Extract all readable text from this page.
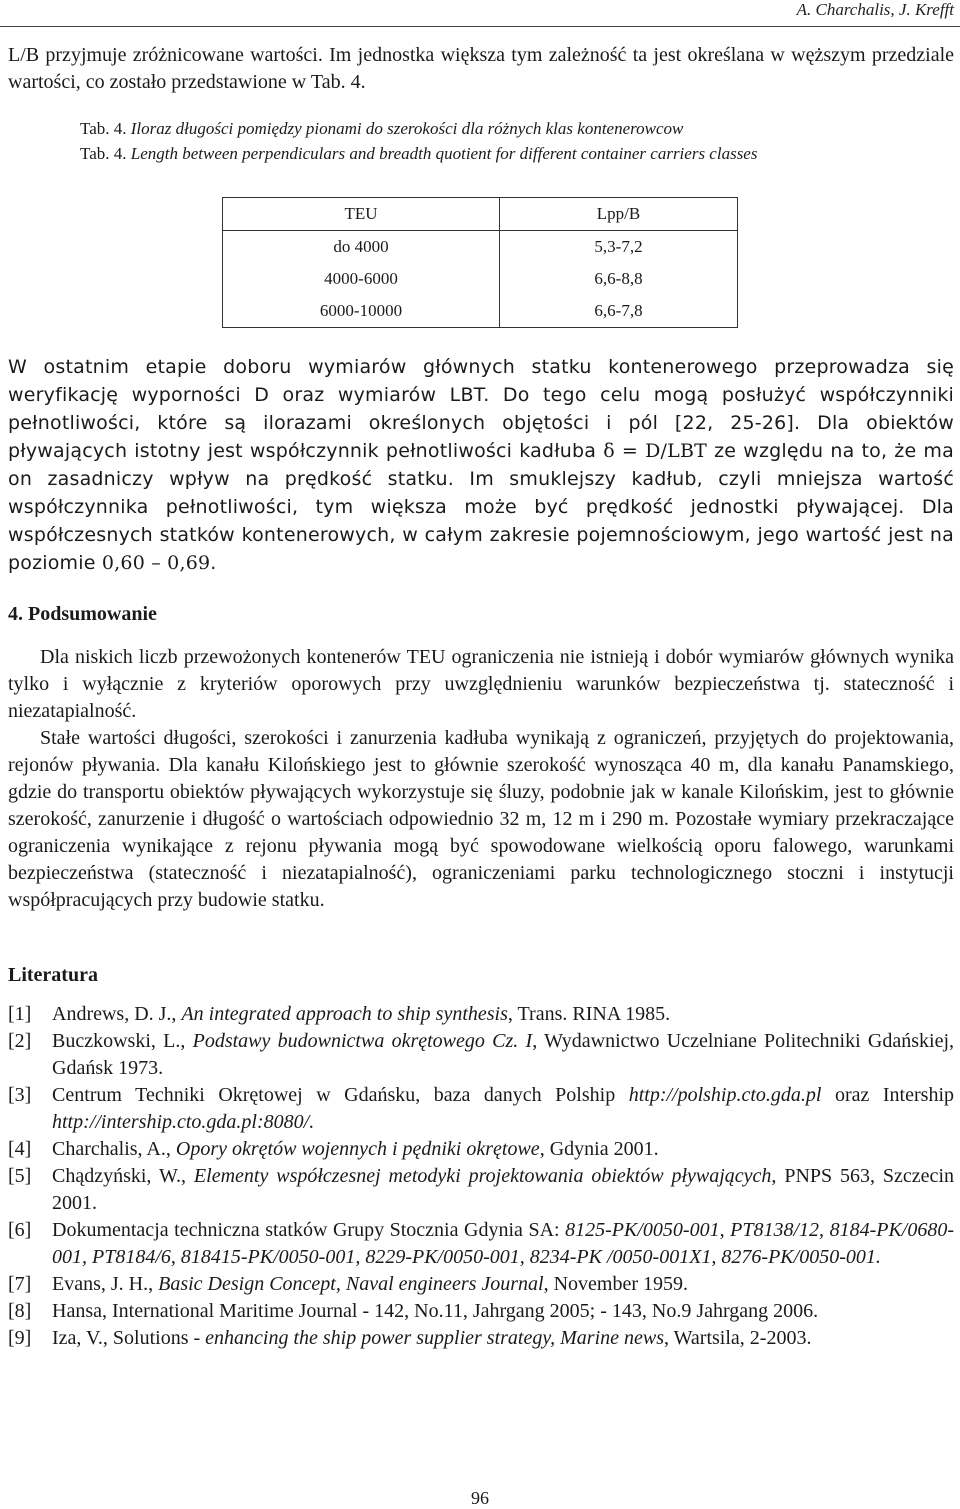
A. Charchalis, J. Krefft

L/B przyjmuje zróżnicowane wartości. Im jednostka większa tym zależność ta jest określana w węższym przedziale wartości, co zostało przedstawione w Tab. 4.

Tab. 4. Iloraz długości pomiędzy pionami do szerokości dla różnych klas kontenerowcow
Tab. 4. Length between perpendiculars and breadth quotient for different container carriers classes
TEU	Lpp/B
do 4000	5,3-7,2
4000-6000	6,6-8,8
6000-10000	6,6-7,8

W ostatnim etapie doboru wymiarów głównych statku kontenerowego przeprowadza się weryfikację wyporności D oraz wymiarów LBT. Do tego celu mogą posłużyć współczynniki pełnotliwości, które są ilorazami określonych objętości i pól [22, 25-26]. Dla obiektów pływających istotny jest współczynnik pełnotliwości kadłuba δ = D/LBT ze względu na to, że ma on zasadniczy wpływ na prędkość statku. Im smuklejszy kadłub, czyli mniejsza wartość współczynnika pełnotliwości, tym większa może być prędkość jednostki pływającej. Dla współczesnych statków kontenerowych, w całym zakresie pojemnościowym, jego wartość jest na poziomie 0,60 – 0,69.

4. Podsumowanie

Dla niskich liczb przewożonych kontenerów TEU ograniczenia nie istnieją i dobór wymiarów głównych wynika tylko i wyłącznie z kryteriów oporowych przy uwzględnieniu warunków bezpieczeństwa tj. stateczność i niezatapialność.

Stałe wartości długości, szerokości i zanurzenia kadłuba wynikają z ograniczeń, przyjętych do projektowania, rejonów pływania. Dla kanału Kilońskiego jest to głównie szerokość wynosząca 40 m, dla kanału Panamskiego, gdzie do transportu obiektów pływających wykorzystuje się śluzy, podobnie jak w kanale Kilońskim, jest to głównie szerokość, zanurzenie i długość o wartościach odpowiednio 32 m, 12 m i 290 m. Pozostałe wymiary przekraczające ograniczenia wynikające z rejonu pływania mogą być spowodowane wielkością oporu falowego, warunkami bezpieczeństwa (stateczność i niezatapialność), ograniczeniami parku technologicznego stoczni i instytucji współpracujących przy budowie statku.

Literatura
[1]	Andrews, D. J., An integrated approach to ship synthesis, Trans. RINA 1985.
[2]	Buczkowski, L., Podstawy budownictwa okrętowego Cz. I, Wydawnictwo Uczelniane Politechniki Gdańskiej, Gdańsk 1973.
[3]	Centrum Techniki Okrętowej w Gdańsku, baza danych Polship http://polship.cto.gda.pl oraz Intership http://intership.cto.gda.pl:8080/.
[4]	Charchalis, A., Opory okrętów wojennych i pędniki okrętowe, Gdynia 2001.
[5]	Chądzyński, W., Elementy współczesnej metodyki projektowania obiektów pływających, PNPS 563, Szczecin 2001.
[6]	Dokumentacja techniczna statków Grupy Stocznia Gdynia SA: 8125-PK/0050-001, PT8138/12, 8184-PK/0680-001, PT8184/6, 818415-PK/0050-001, 8229-PK/0050-001, 8234-PK /0050-001X1, 8276-PK/0050-001.
[7]	Evans, J. H., Basic Design Concept, Naval engineers Journal, November 1959.
[8]	Hansa, International Maritime Journal - 142, No.11, Jahrgang 2005; - 143, No.9 Jahrgang 2006.
[9]	Iza, V., Solutions - enhancing the ship power supplier strategy, Marine news, Wartsila, 2-2003.
96
